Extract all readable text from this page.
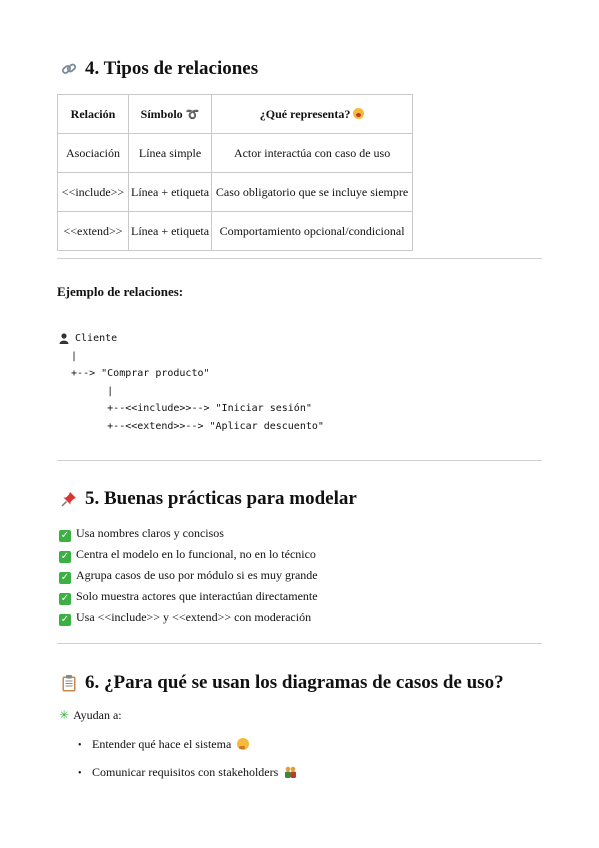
4. Tipos de relaciones
Relación	Símbolo ➰	¿Qué representa?

Asociación	Línea simple	Actor interactúa con caso de uso
<<include>>	Línea + etiqueta	Caso obligatorio que se incluye siempre
<<extend>>	Línea + etiqueta	Comportamiento opcional/condicional
Ejemplo de relaciones:
Cliente
|
+--> "Comprar producto"
|
+--<<include>>--> "Iniciar sesión"
+--<<extend>>--> "Aplicar descuento"
5. Buenas prácticas para modelar
✓ Usa nombres claros y concisos
✓ Centra el modelo en lo funcional, no en lo técnico
✓ Agrupa casos de uso por módulo si es muy grande
✓ Solo muestra actores que interactúan directamente
✓ Usa <<include>> y <<extend>> con moderación
6. ¿Para qué se usan los diagramas de casos de uso?
✳ Ayudan a:
• Entender qué hace el sistema
• Comunicar requisitos con stakeholders
